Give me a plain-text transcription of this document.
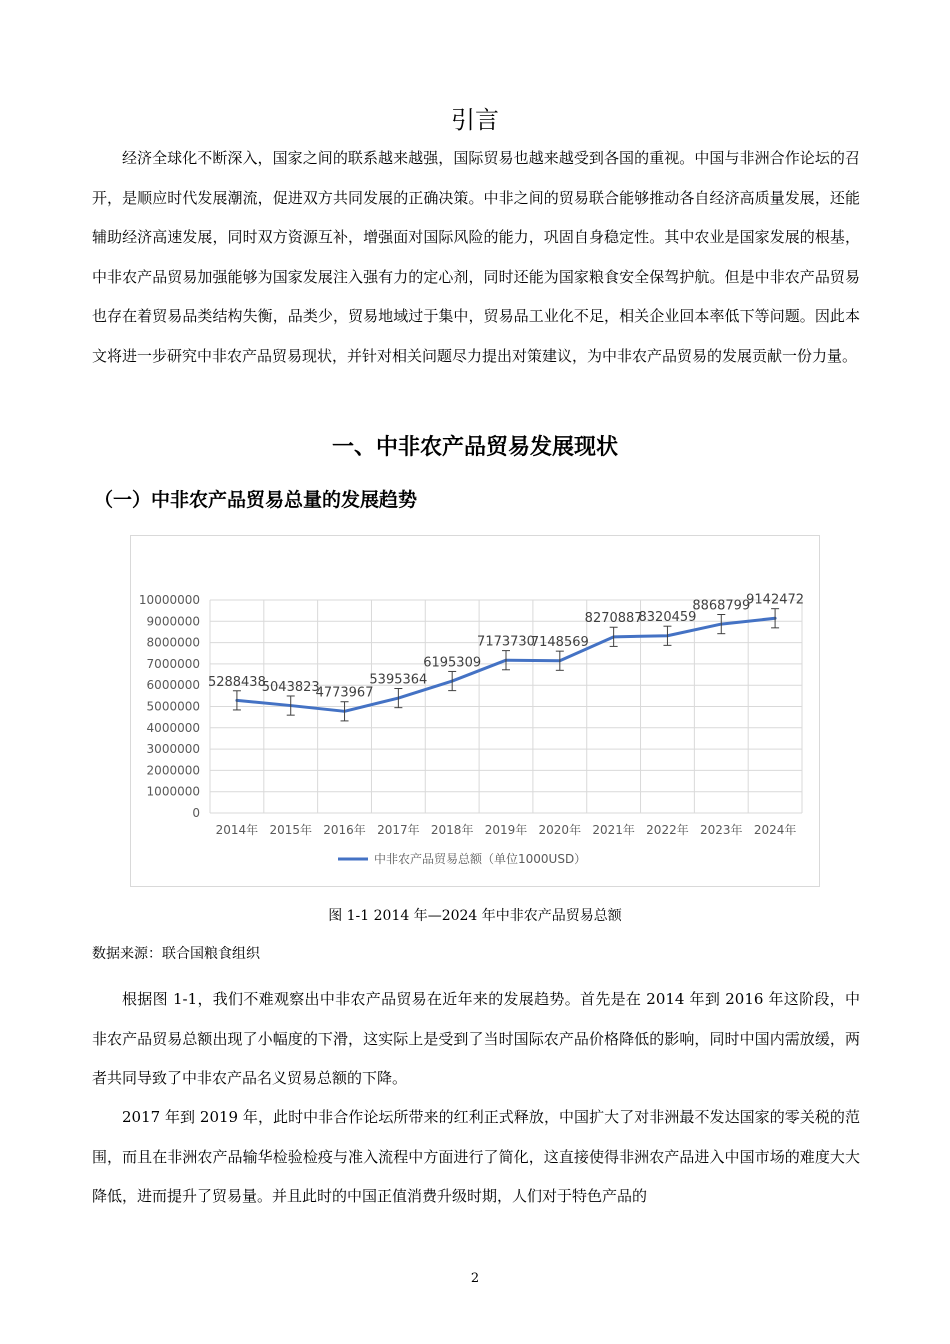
引言

经济全球化不断深入，国家之间的联系越来越强，国际贸易也越来越受到各国的重视。中国与非洲合作论坛的召开，是顺应时代发展潮流，促进双方共同发展的正确决策。中非之间的贸易联合能够推动各自经济高质量发展，还能辅助经济高速发展，同时双方资源互补，增强面对国际风险的能力，巩固自身稳定性。其中农业是国家发展的根基，中非农产品贸易加强能够为国家发展注入强有力的定心剂，同时还能为国家粮食安全保驾护航。但是中非农产品贸易也存在着贸易品类结构失衡，品类少，贸易地域过于集中，贸易品工业化不足，相关企业回本率低下等问题。因此本文将进一步研究中非农产品贸易现状，并针对相关问题尽力提出对策建议，为中非农产品贸易的发展贡献一份力量。

一、中非农产品贸易发展现状
（一）中非农产品贸易总量的发展趋势
0
1000000
2000000
3000000
4000000
5000000
6000000
7000000
8000000
9000000
10000000
2014年 2015年 2016年 2017年 2018年 2019年 2020年 2021年 2022年 2023年 2024年
5288438
5043823
4773967
5395364
6195309
7173730
7148569
8270887
8320459
8868799
9142472
中非农产品贸易总额（单位1000USD）
图 1-1 2014 年—2024 年中非农产品贸易总额
数据来源：联合国粮食组织

根据图 1-1，我们不难观察出中非农产品贸易在近年来的发展趋势。首先是在 2014 年到 2016 年这阶段，中非农产品贸易总额出现了小幅度的下滑，这实际上是受到了当时国际农产品价格降低的影响，同时中国内需放缓，两者共同导致了中非农产品名义贸易总额的下降。

2017 年到 2019 年，此时中非合作论坛所带来的红利正式释放，中国扩大了对非洲最不发达国家的零关税的范围，而且在非洲农产品输华检验检疫与准入流程中方面进行了简化，这直接使得非洲农产品进入中国市场的难度大大降低，进而提升了贸易量。并且此时的中国正值消费升级时期，人们对于特色产品的

2
